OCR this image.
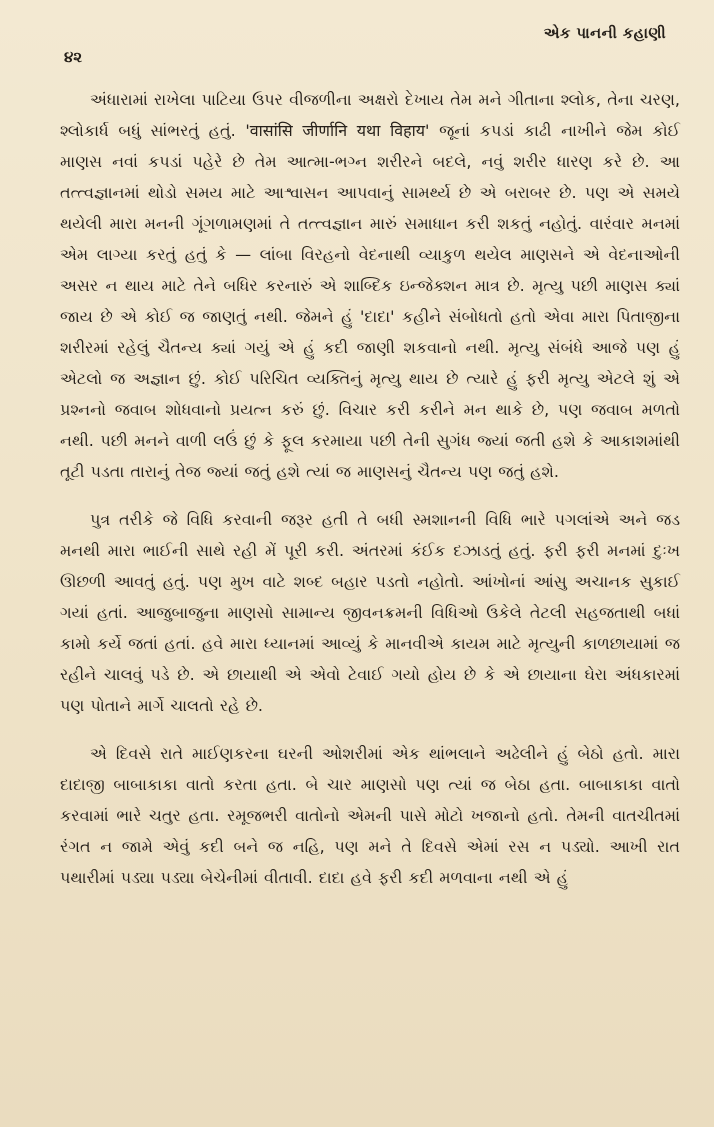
એક પાનની કહાણી
૪૨

અંધારામાં રાખેલા પાટિયા ઉપર વીજળીના અક્ષરો દેખાય તેમ મને ગીતાના શ્લોક, તેના ચરણ, શ્લોકાર્ધ બધું સાંભરતું હતું. 'वासांसि जीर्णानि यथा विहाय' જૂનાં કપડાં કાઢી નાખીને જેમ કોઈ માણસ નવાં કપડાં પહેરે છે તેમ આત્મા-ભગ્ન શરીરને બદલે, નવું શરીર ધારણ કરે છે. આ તત્ત્વજ્ઞાનમાં થોડો સમય માટે આશ્વાસન આપવાનું સામર્થ્ય છે એ બરાબર છે. પણ એ સમયે થયેલી મારા મનની ગૂંગળામણમાં તે તત્ત્વજ્ઞાન મારું સમાધાન કરી શકતું નહોતું. વારંવાર મનમાં એમ લાગ્યા કરતું હતું કે — લાંબા વિરહનો વેદનાથી વ્યાકુળ થયેલ માણસને એ વેદનાઓની અસર ન થાય માટે તેને બધિર કરનારું એ શાબ્દિક ઇન્જેક્શન માત્ર છે. મૃત્યુ પછી માણસ ક્યાં જાય છે એ કોઈ જ જાણતું નથી. જેમને હું 'દાદા' કહીને સંબોધતો હતો એવા મારા પિતાજીના શરીરમાં રહેલું ચૈતન્ય ક્યાં ગયું એ હું કદી જાણી શકવાનો નથી. મૃત્યુ સંબંધે આજે પણ હું એટલો જ અજ્ઞાન છું. કોઈ પરિચિત વ્યક્તિનું મૃત્યુ થાય છે ત્યારે હું ફરી મૃત્યુ એટલે શું એ પ્રશ્નનો જવાબ શોધવાનો પ્રયત્ન કરું છું. વિચાર કરી કરીને મન થાકે છે, પણ જવાબ મળતો નથી. પછી મનને વાળી લઉં છું કે ફૂલ કરમાયા પછી તેની સુગંધ જ્યાં જતી હશે કે આકાશમાંથી તૂટી પડતા તારાનું તેજ જ્યાં જતું હશે ત્યાં જ માણસનું ચૈતન્ય પણ જતું હશે.

પુત્ર તરીકે જે વિધિ કરવાની જરૂર હતી તે બધી સ્મશાનની વિધિ ભારે પગલાંએ અને જડ મનથી મારા ભાઈની સાથે રહી મેં પૂરી કરી. અંતરમાં કંઈક દઝાડતું હતું. ફરી ફરી મનમાં દુઃખ ઊછળી આવતું હતું. પણ મુખ વાટે શબ્દ બહાર પડતો નહોતો. આંખોનાં આંસુ અચાનક સુકાઈ ગયાં હતાં. આજુબાજુના માણસો સામાન્ય જીવનક્રમની વિધિઓ ઉકેલે તેટલી સહજતાથી બધાં કામો કર્યે જતાં હતાં. હવે મારા ધ્યાનમાં આવ્યું કે માનવીએ કાયમ માટે મૃત્યુની કાળછાયામાં જ રહીને ચાલવું પડે છે. એ છાયાથી એ એવો ટેવાઈ ગયો હોય છે કે એ છાયાના ઘેરા અંધકારમાં પણ પોતાને માર્ગે ચાલતો રહે છે.

એ દિવસે રાતે માઈણકરના ઘરની ઓશરીમાં એક થાંભલાને અઢેલીને હું બેઠો હતો. મારા દાદાજી બાબાકાકા વાતો કરતા હતા. બે ચાર માણસો પણ ત્યાં જ બેઠા હતા. બાબાકાકા વાતો કરવામાં ભારે ચતુર હતા. રમૂજભરી વાતોનો એમની પાસે મોટો ખજાનો હતો. તેમની વાતચીતમાં રંગત ન જામે એવું કદી બને જ નહિ, પણ મને તે દિવસે એમાં રસ ન પડ્યો. આખી રાત પથારીમાં પડ્યા પડ્યા બેચેનીમાં વીતાવી. દાદા હવે ફરી કદી મળવાના નથી એ હું
